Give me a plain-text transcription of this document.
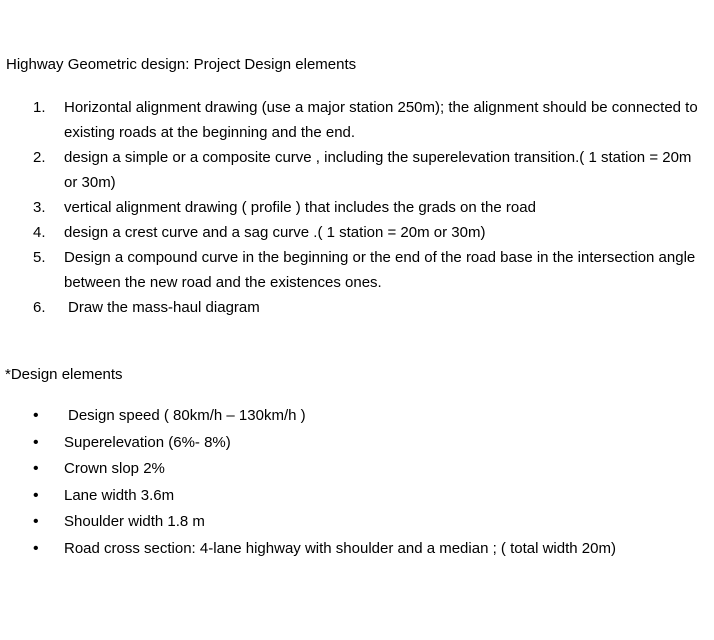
Highway Geometric design: Project Design elements

1. Horizontal alignment drawing (use a major station 250m); the alignment should be connected to existing roads at the beginning and the end.
2. design a simple or a composite curve , including the superelevation transition.( 1 station = 20m or 30m)
3. vertical alignment drawing ( profile ) that includes the grads on the road
4. design a crest curve and a sag curve .( 1 station = 20m or 30m)
5. Design a compound curve in the beginning or the end of the road base in the intersection angle between the new road and the existences ones.
6. Draw the mass-haul diagram

*Design elements

• Design speed ( 80km/h – 130km/h )
• Superelevation (6%- 8%)
• Crown slop 2%
• Lane width 3.6m
• Shoulder width 1.8 m
• Road cross section: 4-lane highway with shoulder and a median ; ( total width 20m)
